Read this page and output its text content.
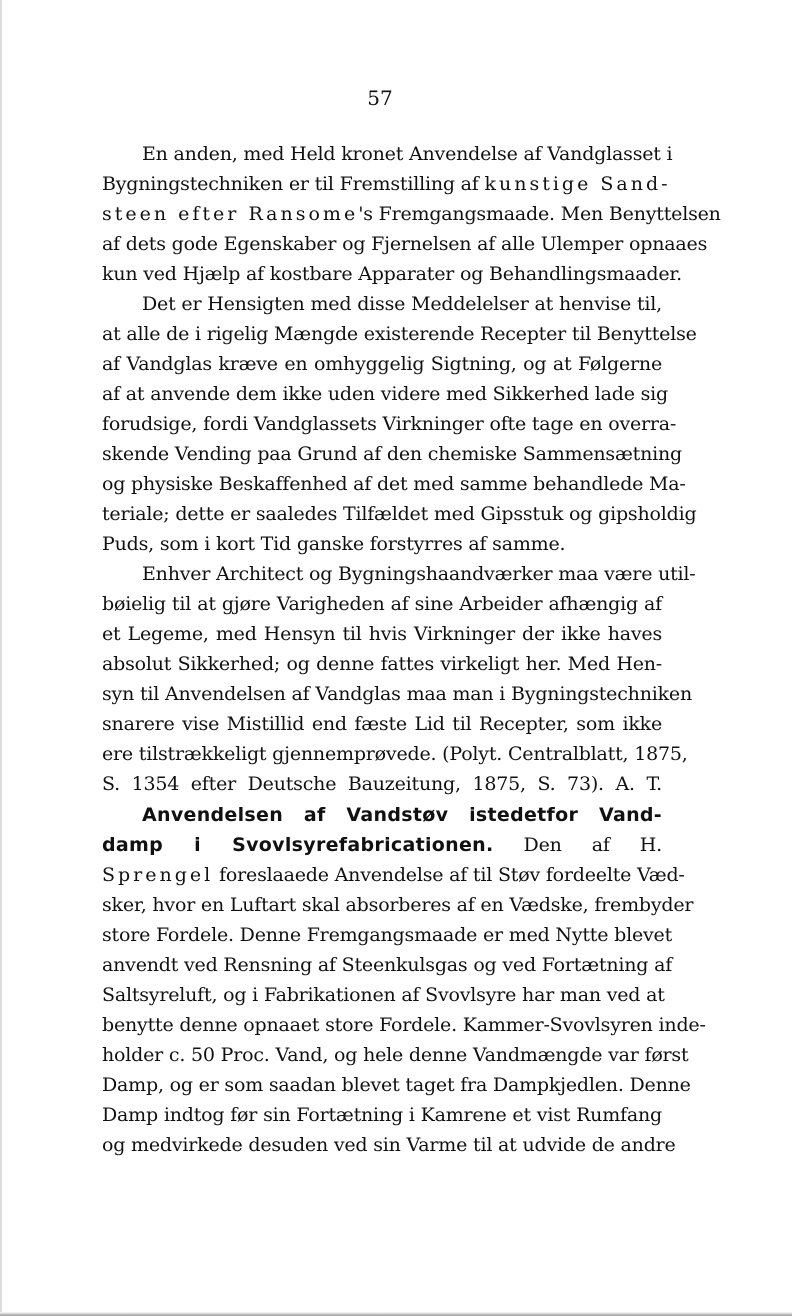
57
En anden, med Held kronet Anvendelse af Vandglasset i
Bygningstechniken er til Fremstilling af kunstige Sand-
steen efter Ransome's Fremgangsmaade. Men Benyttelsen
af dets gode Egenskaber og Fjernelsen af alle Ulemper opnaaes
kun ved Hjælp af kostbare Apparater og Behandlingsmaader.
Det er Hensigten med disse Meddelelser at henvise til,
at alle de i rigelig Mængde existerende Recepter til Benyttelse
af Vandglas kræve en omhyggelig Sigtning, og at Følgerne
af at anvende dem ikke uden videre med Sikkerhed lade sig
forudsige, fordi Vandglassets Virkninger ofte tage en overra-
skende Vending paa Grund af den chemiske Sammensætning
og physiske Beskaffenhed af det med samme behandlede Ma-
teriale; dette er saaledes Tilfældet med Gipsstuk og gipsholdig
Puds, som i kort Tid ganske forstyrres af samme.
Enhver Architect og Bygningshaandværker maa være util-
bøielig til at gjøre Varigheden af sine Arbeider afhængig af
et Legeme, med Hensyn til hvis Virkninger der ikke haves
absolut Sikkerhed; og denne fattes virkeligt her. Med Hen-
syn til Anvendelsen af Vandglas maa man i Bygningstechniken
snarere vise Mistillid end fæste Lid til Recepter, som ikke
ere tilstrækkeligt gjennemprøvede. (Polyt. Centralblatt, 1875,
S. 1354 efter Deutsche Bauzeitung, 1875, S. 73). A. T.
Anvendelsen af Vandstøv istedetfor Vand-
damp i Svovlsyrefabricationen. Den af H.
Sprengel foreslaaede Anvendelse af til Støv fordeelte Væd-
sker, hvor en Luftart skal absorberes af en Vædske, frembyder
store Fordele. Denne Fremgangsmaade er med Nytte blevet
anvendt ved Rensning af Steenkulsgas og ved Fortætning af
Saltsyreluft, og i Fabrikationen af Svovlsyre har man ved at
benytte denne opnaaet store Fordele. Kammer-Svovlsyren inde-
holder c. 50 Proc. Vand, og hele denne Vandmængde var først
Damp, og er som saadan blevet taget fra Dampkjedlen. Denne
Damp indtog før sin Fortætning i Kamrene et vist Rumfang
og medvirkede desuden ved sin Varme til at udvide de andre
